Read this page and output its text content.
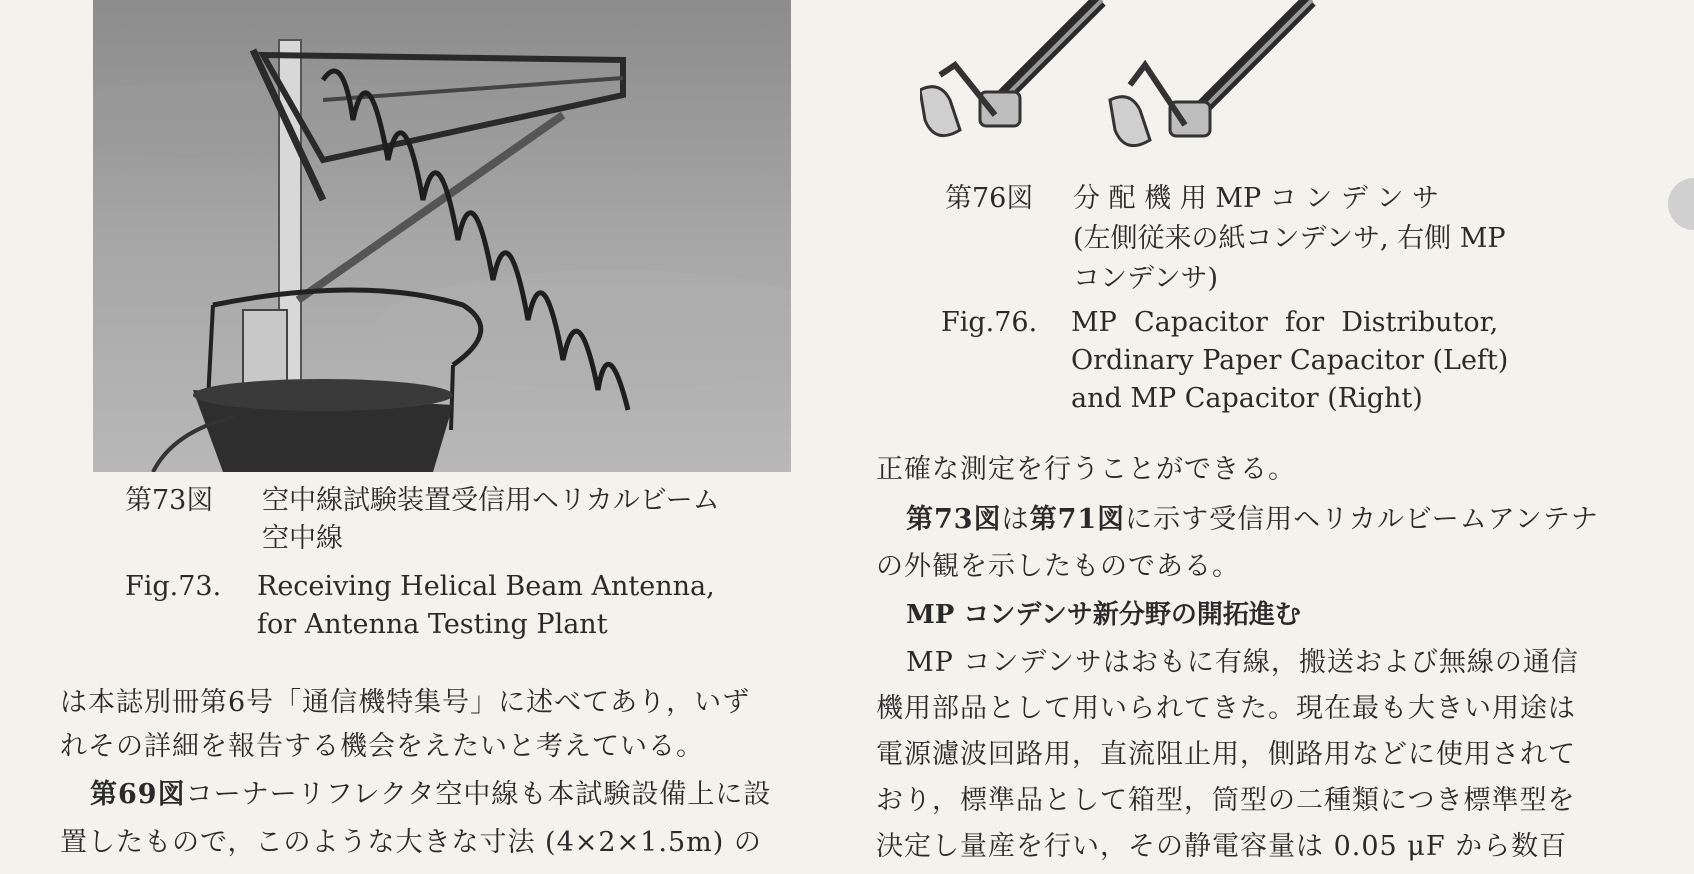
第73図 空中線試験装置受信用ヘリカルビーム
空中線
Fig.73. Receiving Helical Beam Antenna,
for Antenna Testing Plant
は本誌別冊第6号「通信機特集号」に述べてあり，いず
れその詳細を報告する機会をえたいと考えている。
第69図コーナーリフレクタ空中線も本試験設備上に設
置したもので，このような大きな寸法 (4×2×1.5m) の
第76図 分 配 機 用 MP コ ン デ ン サ
(左側従来の紙コンデンサ, 右側 MP
コンデンサ)
Fig.76. MP  Capacitor  for  Distributor,
Ordinary Paper Capacitor (Left)
and MP Capacitor (Right)
正確な測定を行うことができる。
第73図は第71図に示す受信用ヘリカルビームアンテナ
の外観を示したものである。
MP コンデンサ新分野の開拓進む
MP コンデンサはおもに有線，搬送および無線の通信
機用部品として用いられてきた。現在最も大きい用途は
電源濾波回路用，直流阻止用，側路用などに使用されて
おり，標準品として箱型，筒型の二種類につき標準型を
決定し量産を行い，その静電容量は 0.05 μF から数百
